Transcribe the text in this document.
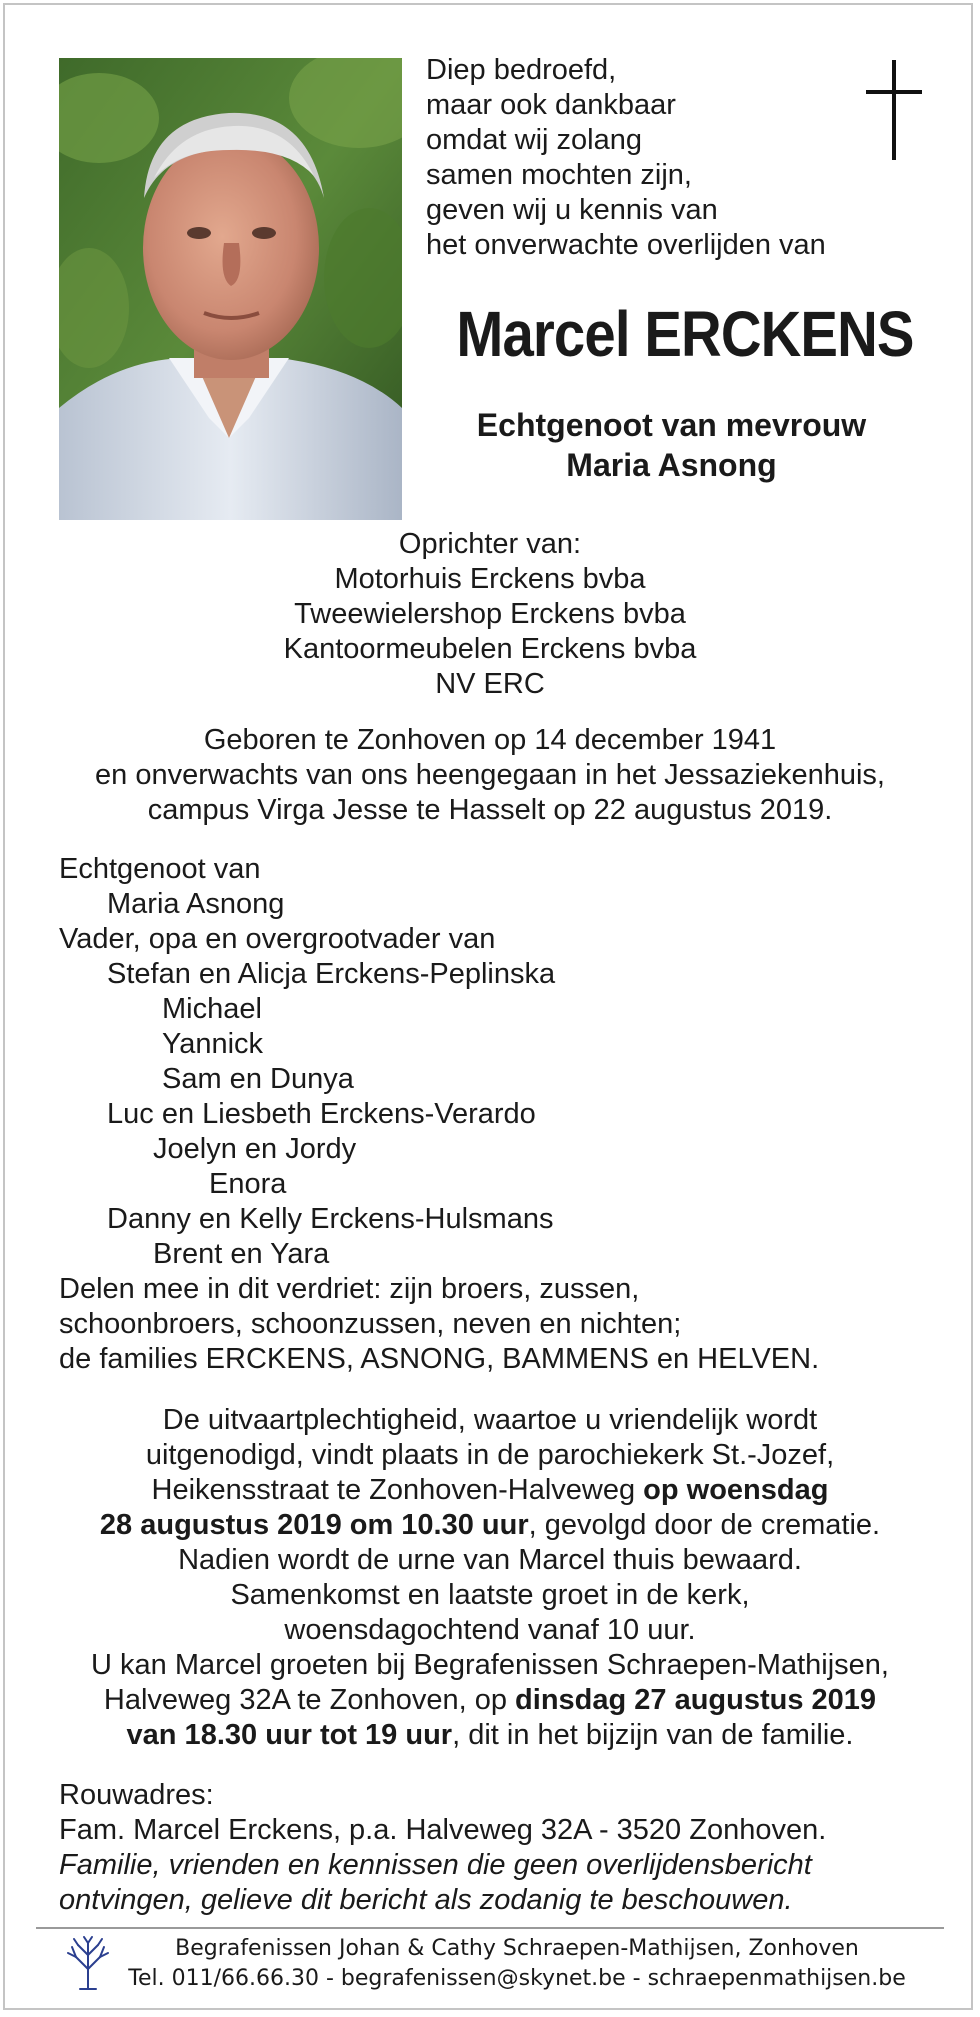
Diep bedroefd,
maar ook dankbaar
omdat wij zolang
samen mochten zijn,
geven wij u kennis van
het onverwachte overlijden van
Marcel ERCKENS
Echtgenoot van mevrouw
Maria Asnong
Oprichter van:
Motorhuis Erckens bvba
Tweewielershop Erckens bvba
Kantoormeubelen Erckens bvba
NV ERC
Geboren te Zonhoven op 14 december 1941
en onverwachts van ons heengegaan in het Jessaziekenhuis,
campus Virga Jesse te Hasselt op 22 augustus 2019.
Echtgenoot van
Maria Asnong
Vader, opa en overgrootvader van
Stefan en Alicja Erckens-Peplinska
Michael
Yannick
Sam en Dunya
Luc en Liesbeth Erckens-Verardo
Joelyn en Jordy
Enora
Danny en Kelly Erckens-Hulsmans
Brent en Yara
Delen mee in dit verdriet: zijn broers, zussen,
schoonbroers, schoonzussen, neven en nichten;
de families ERCKENS, ASNONG, BAMMENS en HELVEN.
De uitvaartplechtigheid, waartoe u vriendelijk wordt
uitgenodigd, vindt plaats in de parochiekerk St.-Jozef,
Heikensstraat te Zonhoven-Halveweg op woensdag
28 augustus 2019 om 10.30 uur, gevolgd door de crematie.
Nadien wordt de urne van Marcel thuis bewaard.
Samenkomst en laatste groet in de kerk,
woensdagochtend vanaf 10 uur.
U kan Marcel groeten bij Begrafenissen Schraepen-Mathijsen,
Halveweg 32A te Zonhoven, op dinsdag 27 augustus 2019
van 18.30 uur tot 19 uur, dit in het bijzijn van de familie.
Rouwadres:
Fam. Marcel Erckens, p.a. Halveweg 32A - 3520 Zonhoven.
Familie, vrienden en kennissen die geen overlijdensbericht
ontvingen, gelieve dit bericht als zodanig te beschouwen.
Begrafenissen Johan & Cathy Schraepen-Mathijsen, Zonhoven
Tel. 011/66.66.30 - begrafenissen@skynet.be - schraepenmathijsen.be
